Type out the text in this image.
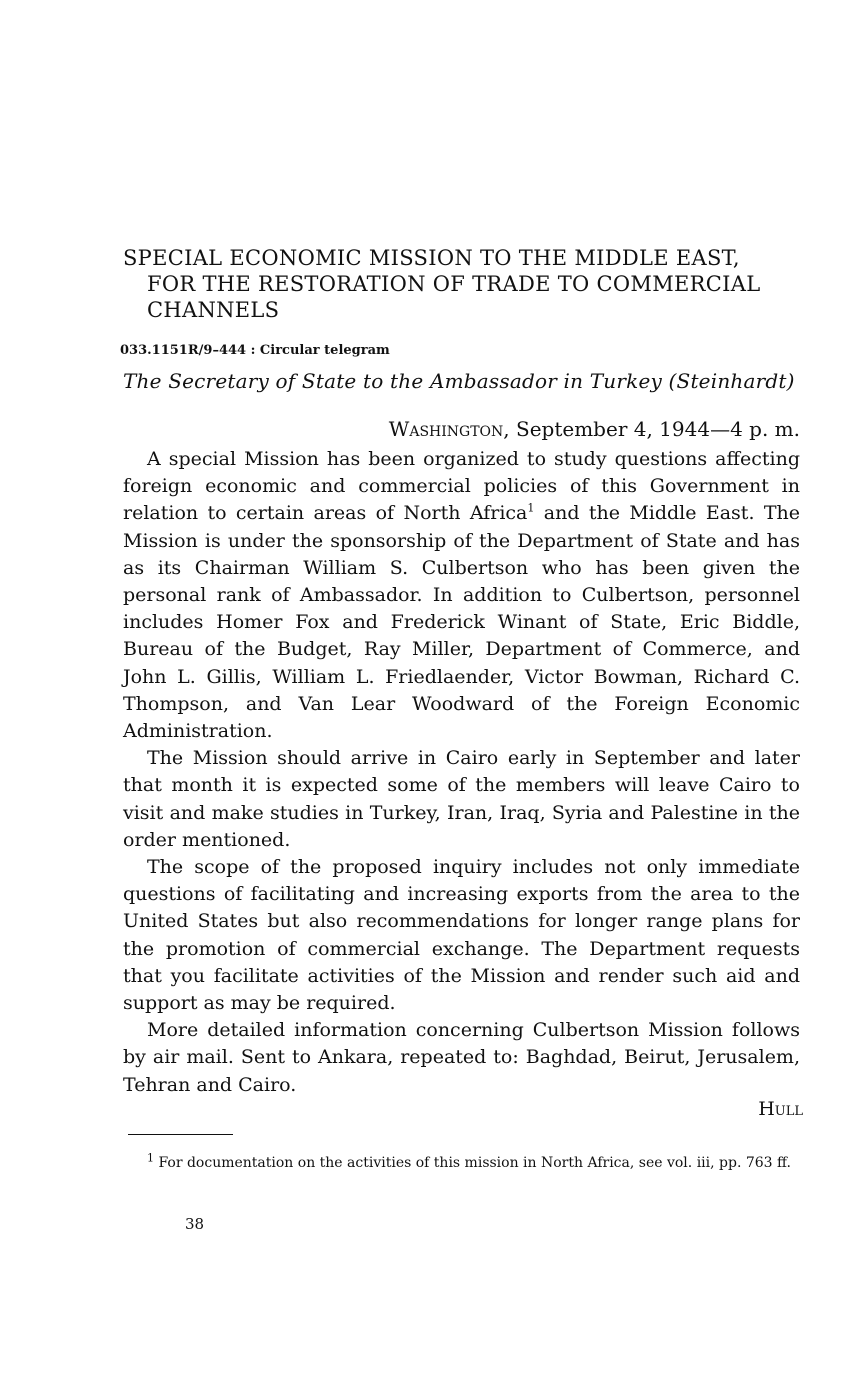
SPECIAL ECONOMIC MISSION TO THE MIDDLE EAST,
FOR THE RESTORATION OF TRADE TO COMMERCIAL
CHANNELS
033.1151R/9–444 : Circular telegram
The Secretary of State to the Ambassador in Turkey (Steinhardt)
Washington, September 4, 1944—4 p. m.

A special Mission has been organized to study questions affecting foreign economic and commercial policies of this Government in relation to certain areas of North Africa$^1$ and the Middle East. The Mission is under the sponsorship of the Department of State and has as its Chairman William S. Culbertson who has been given the personal rank of Ambassador. In addition to Culbertson, personnel includes Homer Fox and Frederick Winant of State, Eric Biddle, Bureau of the Budget, Ray Miller, Department of Commerce, and John L. Gillis, William L. Friedlaender, Victor Bowman, Richard C. Thompson, and Van Lear Woodward of the Foreign Economic Administration.

The Mission should arrive in Cairo early in September and later that month it is expected some of the members will leave Cairo to visit and make studies in Turkey, Iran, Iraq, Syria and Palestine in the order mentioned.

The scope of the proposed inquiry includes not only immediate questions of facilitating and increasing exports from the area to the United States but also recommendations for longer range plans for the promotion of commercial exchange. The Department requests that you facilitate activities of the Mission and render such aid and support as may be required.

More detailed information concerning Culbertson Mission follows by air mail. Sent to Ankara, repeated to: Baghdad, Beirut, Jerusalem, Tehran and Cairo.

Hull
$^1$ For documentation on the activities of this mission in North Africa, see vol. iii, pp. 763 ff.
38
